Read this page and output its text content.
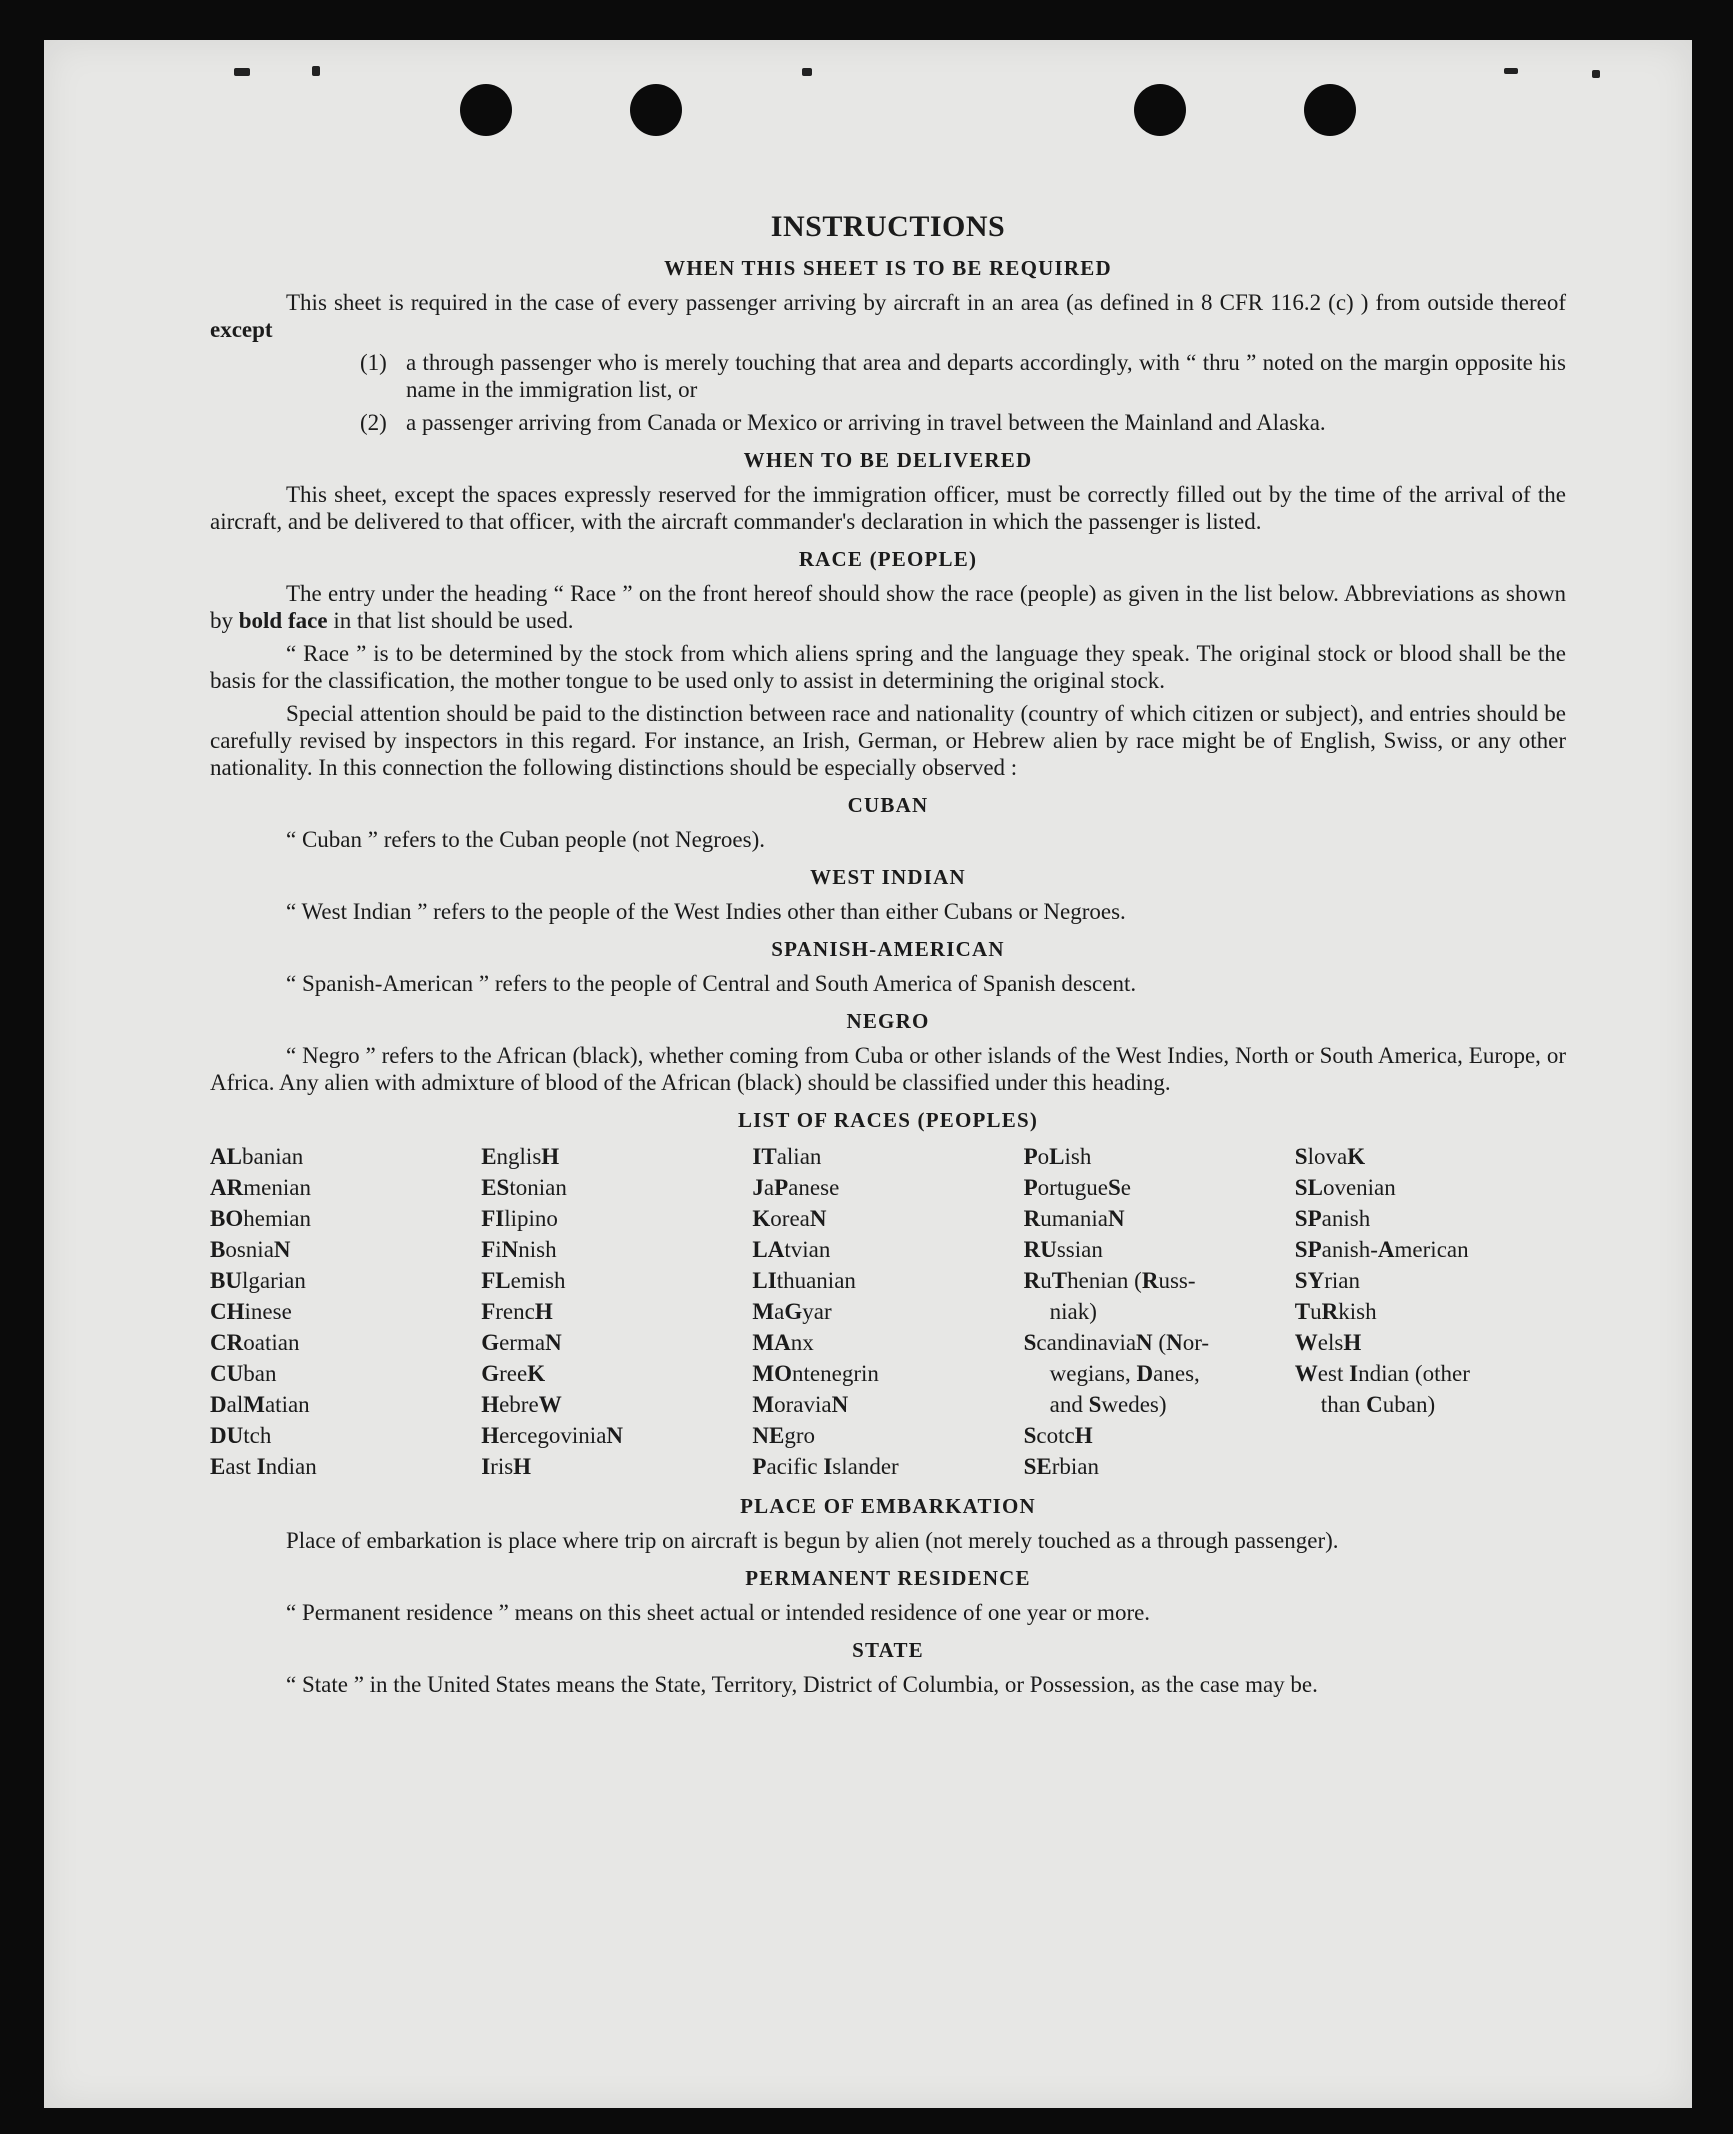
INSTRUCTIONS
WHEN THIS SHEET IS TO BE REQUIRED

This sheet is required in the case of every passenger arriving by aircraft in an area (as defined in 8 CFR 116.2 (c) ) from outside thereof except

(1) a through passenger who is merely touching that area and departs accordingly, with “ thru ” noted on the margin opposite his name in the immigration list, or
(2) a passenger arriving from Canada or Mexico or arriving in travel between the Mainland and Alaska.
WHEN TO BE DELIVERED

This sheet, except the spaces expressly reserved for the immigration officer, must be correctly filled out by the time of the arrival of the aircraft, and be delivered to that officer, with the aircraft commander's declaration in which the passenger is listed.

RACE (PEOPLE)

The entry under the heading “ Race ” on the front hereof should show the race (people) as given in the list below. Abbreviations as shown by bold face in that list should be used.

“ Race ” is to be determined by the stock from which aliens spring and the language they speak. The original stock or blood shall be the basis for the classification, the mother tongue to be used only to assist in determining the original stock.

Special attention should be paid to the distinction between race and nationality (country of which citizen or subject), and entries should be carefully revised by inspectors in this regard. For instance, an Irish, German, or Hebrew alien by race might be of English, Swiss, or any other nationality. In this connection the following distinctions should be especially observed :

CUBAN
“ Cuban ” refers to the Cuban people (not Negroes).
WEST INDIAN
“ West Indian ” refers to the people of the West Indies other than either Cubans or Negroes.
SPANISH-AMERICAN
“ Spanish-American ” refers to the people of Central and South America of Spanish descent.
NEGRO

“ Negro ” refers to the African (black), whether coming from Cuba or other islands of the West Indies, North or South America, Europe, or Africa. Any alien with admixture of blood of the African (black) should be classified under this heading.

LIST OF RACES (PEOPLES)
ALbanian
ARmenian
BOhemian
BosniaN
BUlgarian
CHinese
CRoatian
CUban
DalMatian
DUtch
East Indian
EnglisH
EStonian
FIlipino
FiNnish
FLemish
FrencH
GermaN
GreeK
HebreW
HercegoviniaN
IrisH
ITalian
JaPanese
KoreaN
LAtvian
LIthuanian
MaGyar
MAnx
MOntenegrin
MoraviaN
NEgro
Pacific Islander
PoLish
PortugueSe
RumaniaN
RUssian
RuThenian (Russ-
niak)
ScandinaviaN (Nor-
wegians, Danes,
and Swedes)
ScotcH
SErbian
SlovaK
SLovenian
SPanish
SPanish-American
SYrian
TuRkish
WelsH
West Indian (other
than Cuban)
PLACE OF EMBARKATION

Place of embarkation is place where trip on aircraft is begun by alien (not merely touched as a through passenger).

PERMANENT RESIDENCE
“ Permanent residence ” means on this sheet actual or intended residence of one year or more.
STATE

“ State ” in the United States means the State, Territory, District of Columbia, or Possession, as the case may be.
